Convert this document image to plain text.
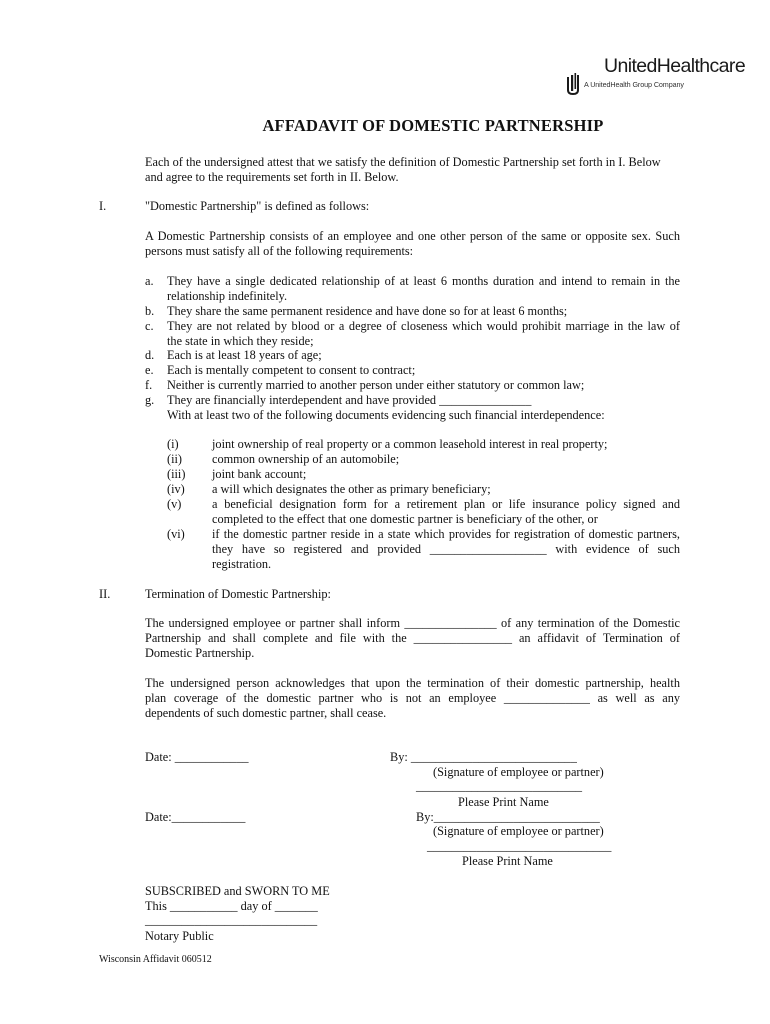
UnitedHealthcare
A UnitedHealth Group Company
AFFADAVIT OF DOMESTIC PARTNERSHIP
Each of the undersigned attest that we satisfy the definition of Domestic Partnership set forth in I. Below
and agree to the requirements set forth in II. Below.
I.	"Domestic Partnership" is defined as follows:
A Domestic Partnership consists of an employee and one other person of the same or opposite sex. Such
persons must satisfy all of the following requirements:
a. They have a single dedicated relationship of at least 6 months duration and intend to remain in the
relationship indefinitely.
b. They share the same permanent residence and have done so for at least 6 months;
c. They are not related by blood or a degree of closeness which would prohibit marriage in the law of
the state in which they reside;
d. Each is at least 18 years of age;
e. Each is mentally competent to consent to contract;
f. Neither is currently married to another person under either statutory or common law;
g. They are financially interdependent and have provided _______________
With at least two of the following documents evidencing such financial interdependence:
(i)	joint ownership of real property or a common leasehold interest in real property;
(ii) common ownership of an automobile;
(iii) joint bank account;
(iv) a will which designates the other as primary beneficiary;
(v) a beneficial designation form for a retirement plan or life insurance policy signed and
completed to the effect that one domestic partner is beneficiary of the other, or
(vi) if the domestic partner reside in a state which provides for registration of domestic partners,
they have so registered and provided ___________________ with evidence of such
registration.
II.	Termination of Domestic Partnership:
The undersigned employee or partner shall inform _______________ of any termination of the Domestic
Partnership and shall complete and file with the ________________ an affidavit of Termination of
Domestic Partnership.
The undersigned person acknowledges that upon the termination of their domestic partnership, health
plan coverage of the domestic partner who is not an employee ______________ as well as any
dependents of such domestic partner, shall cease.
Date: ____________	By: ___________________________
(Signature of employee or partner)
___________________________
Please Print Name
Date:____________	By:___________________________
(Signature of employee or partner)
______________________________
Please Print Name
SUBSCRIBED and SWORN TO ME
This ___________ day of _______
____________________________
Notary Public
Wisconsin Affidavit 060512
